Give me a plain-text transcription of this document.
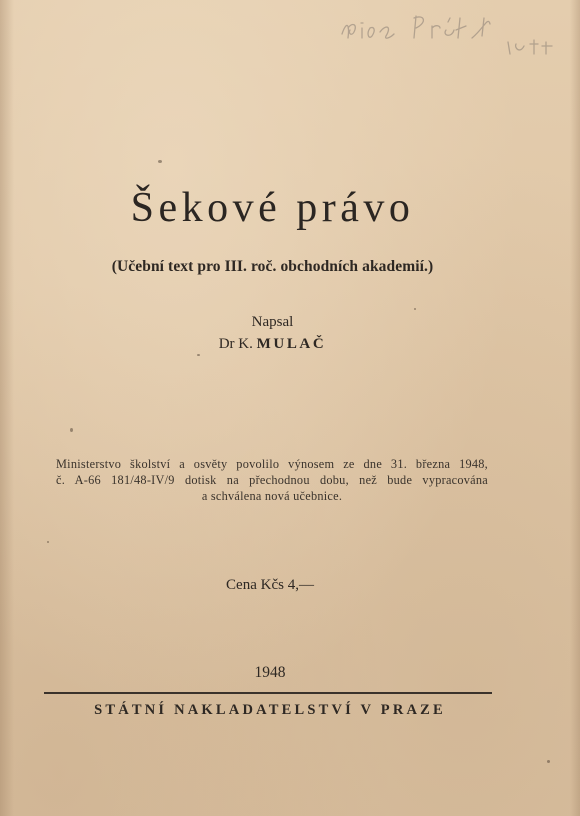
Šekové právo
(Učební text pro III. roč. obchodních akademií.)
Napsal
Dr K. MULAČ
Ministerstvo školství a osvěty povolilo výnosem ze dne 31. března 1948,
č. A-66 181/48-IV/9 dotisk na přechodnou dobu, než bude vypracována
a schválena nová učebnice.
Cena Kčs 4,—
1948
STÁTNÍ NAKLADATELSTVÍ V PRAZE
